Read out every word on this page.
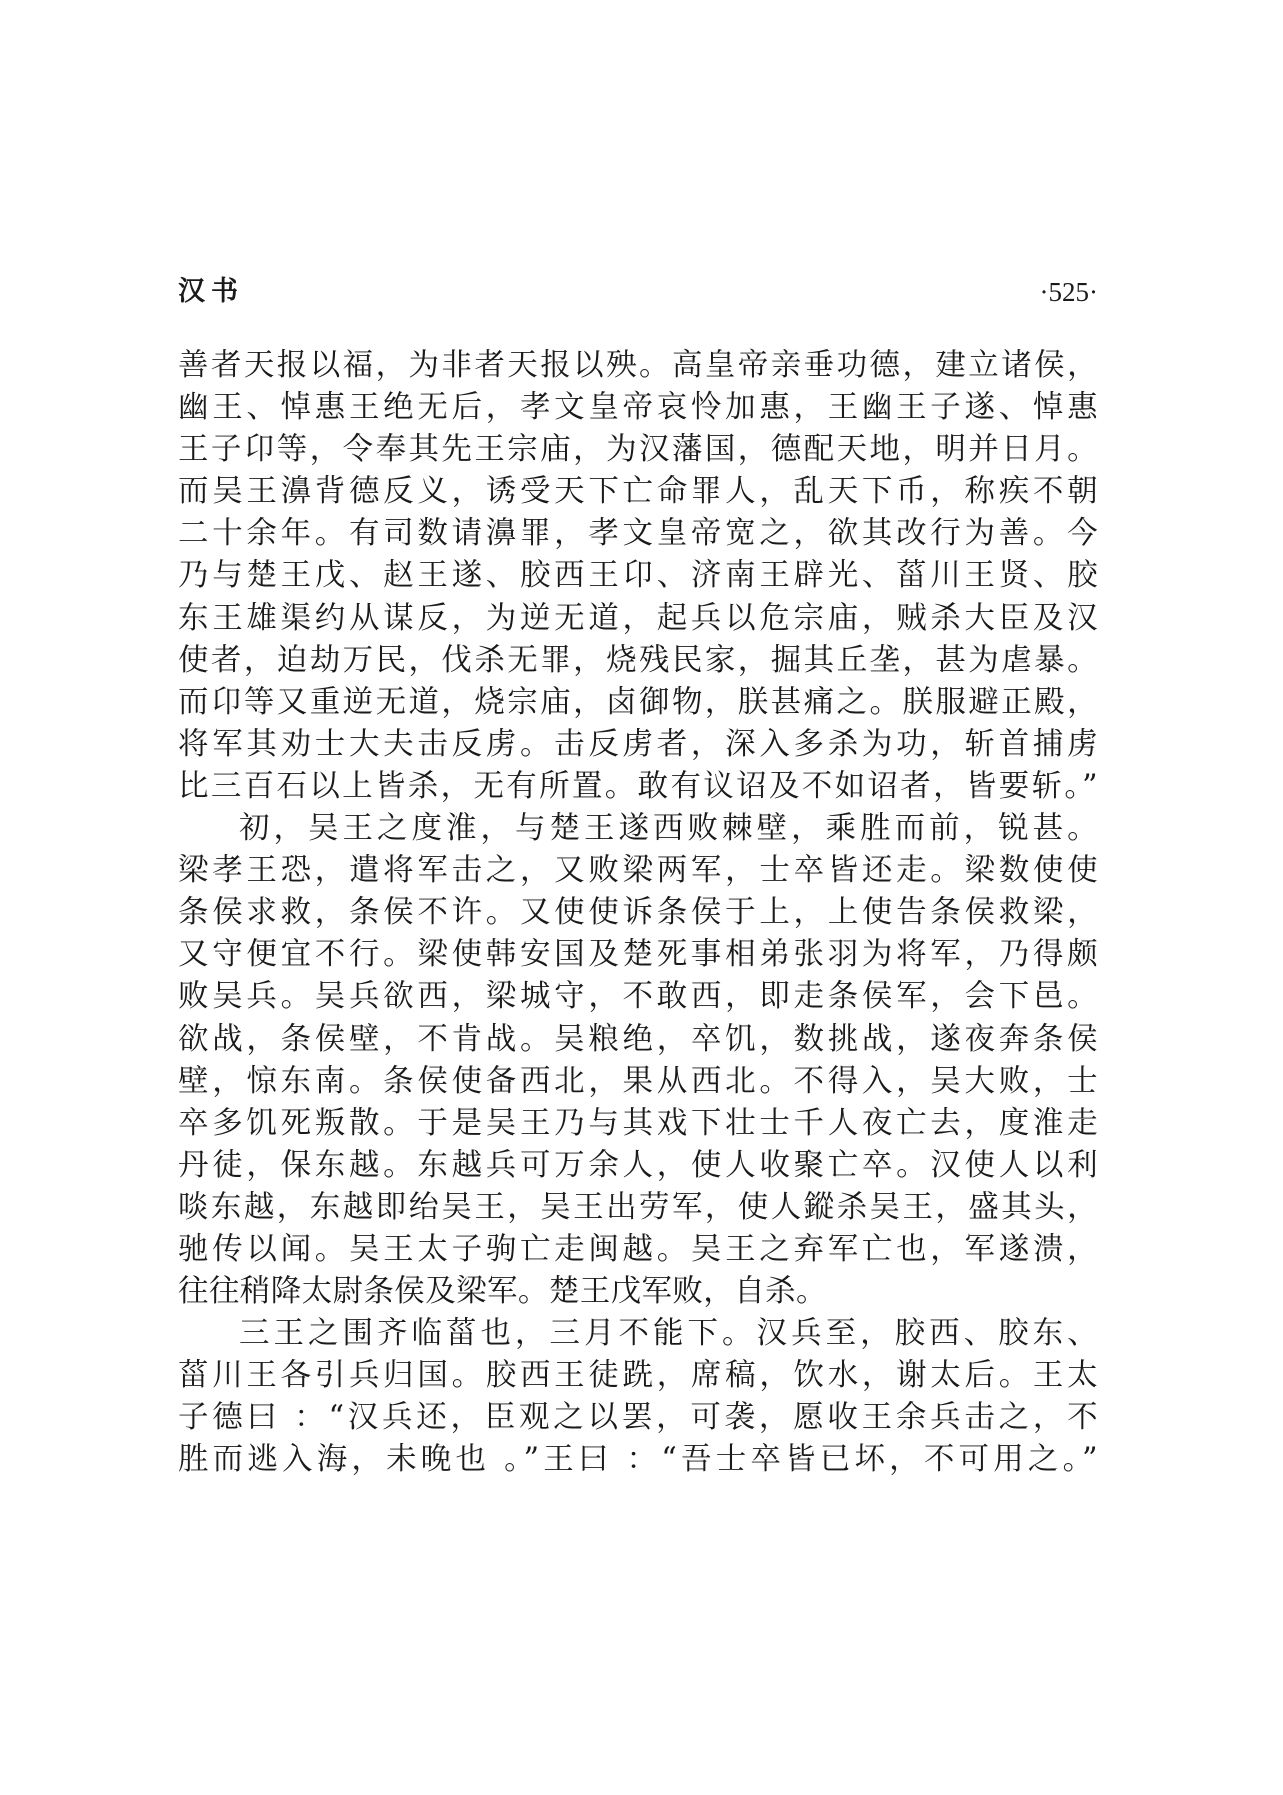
汉书	·525·
善者天报以福，为非者天报以殃。高皇帝亲垂功德，建立诸侯，
幽王、悼惠王绝无后，孝文皇帝哀怜加惠，王幽王子遂、悼惠
王子卬等，令奉其先王宗庙，为汉藩国，德配天地，明并日月。
而吴王濞背德反义，诱受天下亡命罪人，乱天下币，称疾不朝
二十余年。有司数请濞罪，孝文皇帝宽之，欲其改行为善。今
乃与楚王戊、赵王遂、胶西王卬、济南王辟光、菑川王贤、胶
东王雄渠约从谋反，为逆无道，起兵以危宗庙，贼杀大臣及汉
使者，迫劫万民，伐杀无罪，烧残民家，掘其丘垄，甚为虐暴。
而卬等又重逆无道，烧宗庙，卤御物，朕甚痛之。朕服避正殿，
将军其劝士大夫击反虏。击反虏者，深入多杀为功，斩首捕虏
比三百石以上皆杀，无有所置。敢有议诏及不如诏者，皆要斩。”
初，吴王之度淮，与楚王遂西败棘壁，乘胜而前，锐甚。
梁孝王恐，遣将军击之，又败梁两军，士卒皆还走。梁数使使
条侯求救，条侯不许。又使使诉条侯于上，上使告条侯救梁，
又守便宜不行。梁使韩安国及楚死事相弟张羽为将军，乃得颇
败吴兵。吴兵欲西，梁城守，不敢西，即走条侯军，会下邑。
欲战，条侯壁，不肯战。吴粮绝，卒饥，数挑战，遂夜奔条侯
壁，惊东南。条侯使备西北，果从西北。不得入，吴大败，士
卒多饥死叛散。于是吴王乃与其戏下壮士千人夜亡去，度淮走
丹徒，保东越。东越兵可万余人，使人收聚亡卒。汉使人以利
啖东越，东越即绐吴王，吴王出劳军，使人鏦杀吴王，盛其头，
驰传以闻。吴王太子驹亡走闽越。吴王之弃军亡也，军遂溃，
往往稍降太尉条侯及梁军。楚王戊军败，自杀。
三王之围齐临菑也，三月不能下。汉兵至，胶西、胶东、
菑川王各引兵归国。胶西王徒跣，席稿，饮水，谢太后。王太
子德曰 ：“汉兵还，臣观之以罢，可袭，愿收王余兵击之，不
胜而逃入海，未晚也 。”王曰 ：“吾士卒皆已坏，不可用之。”
